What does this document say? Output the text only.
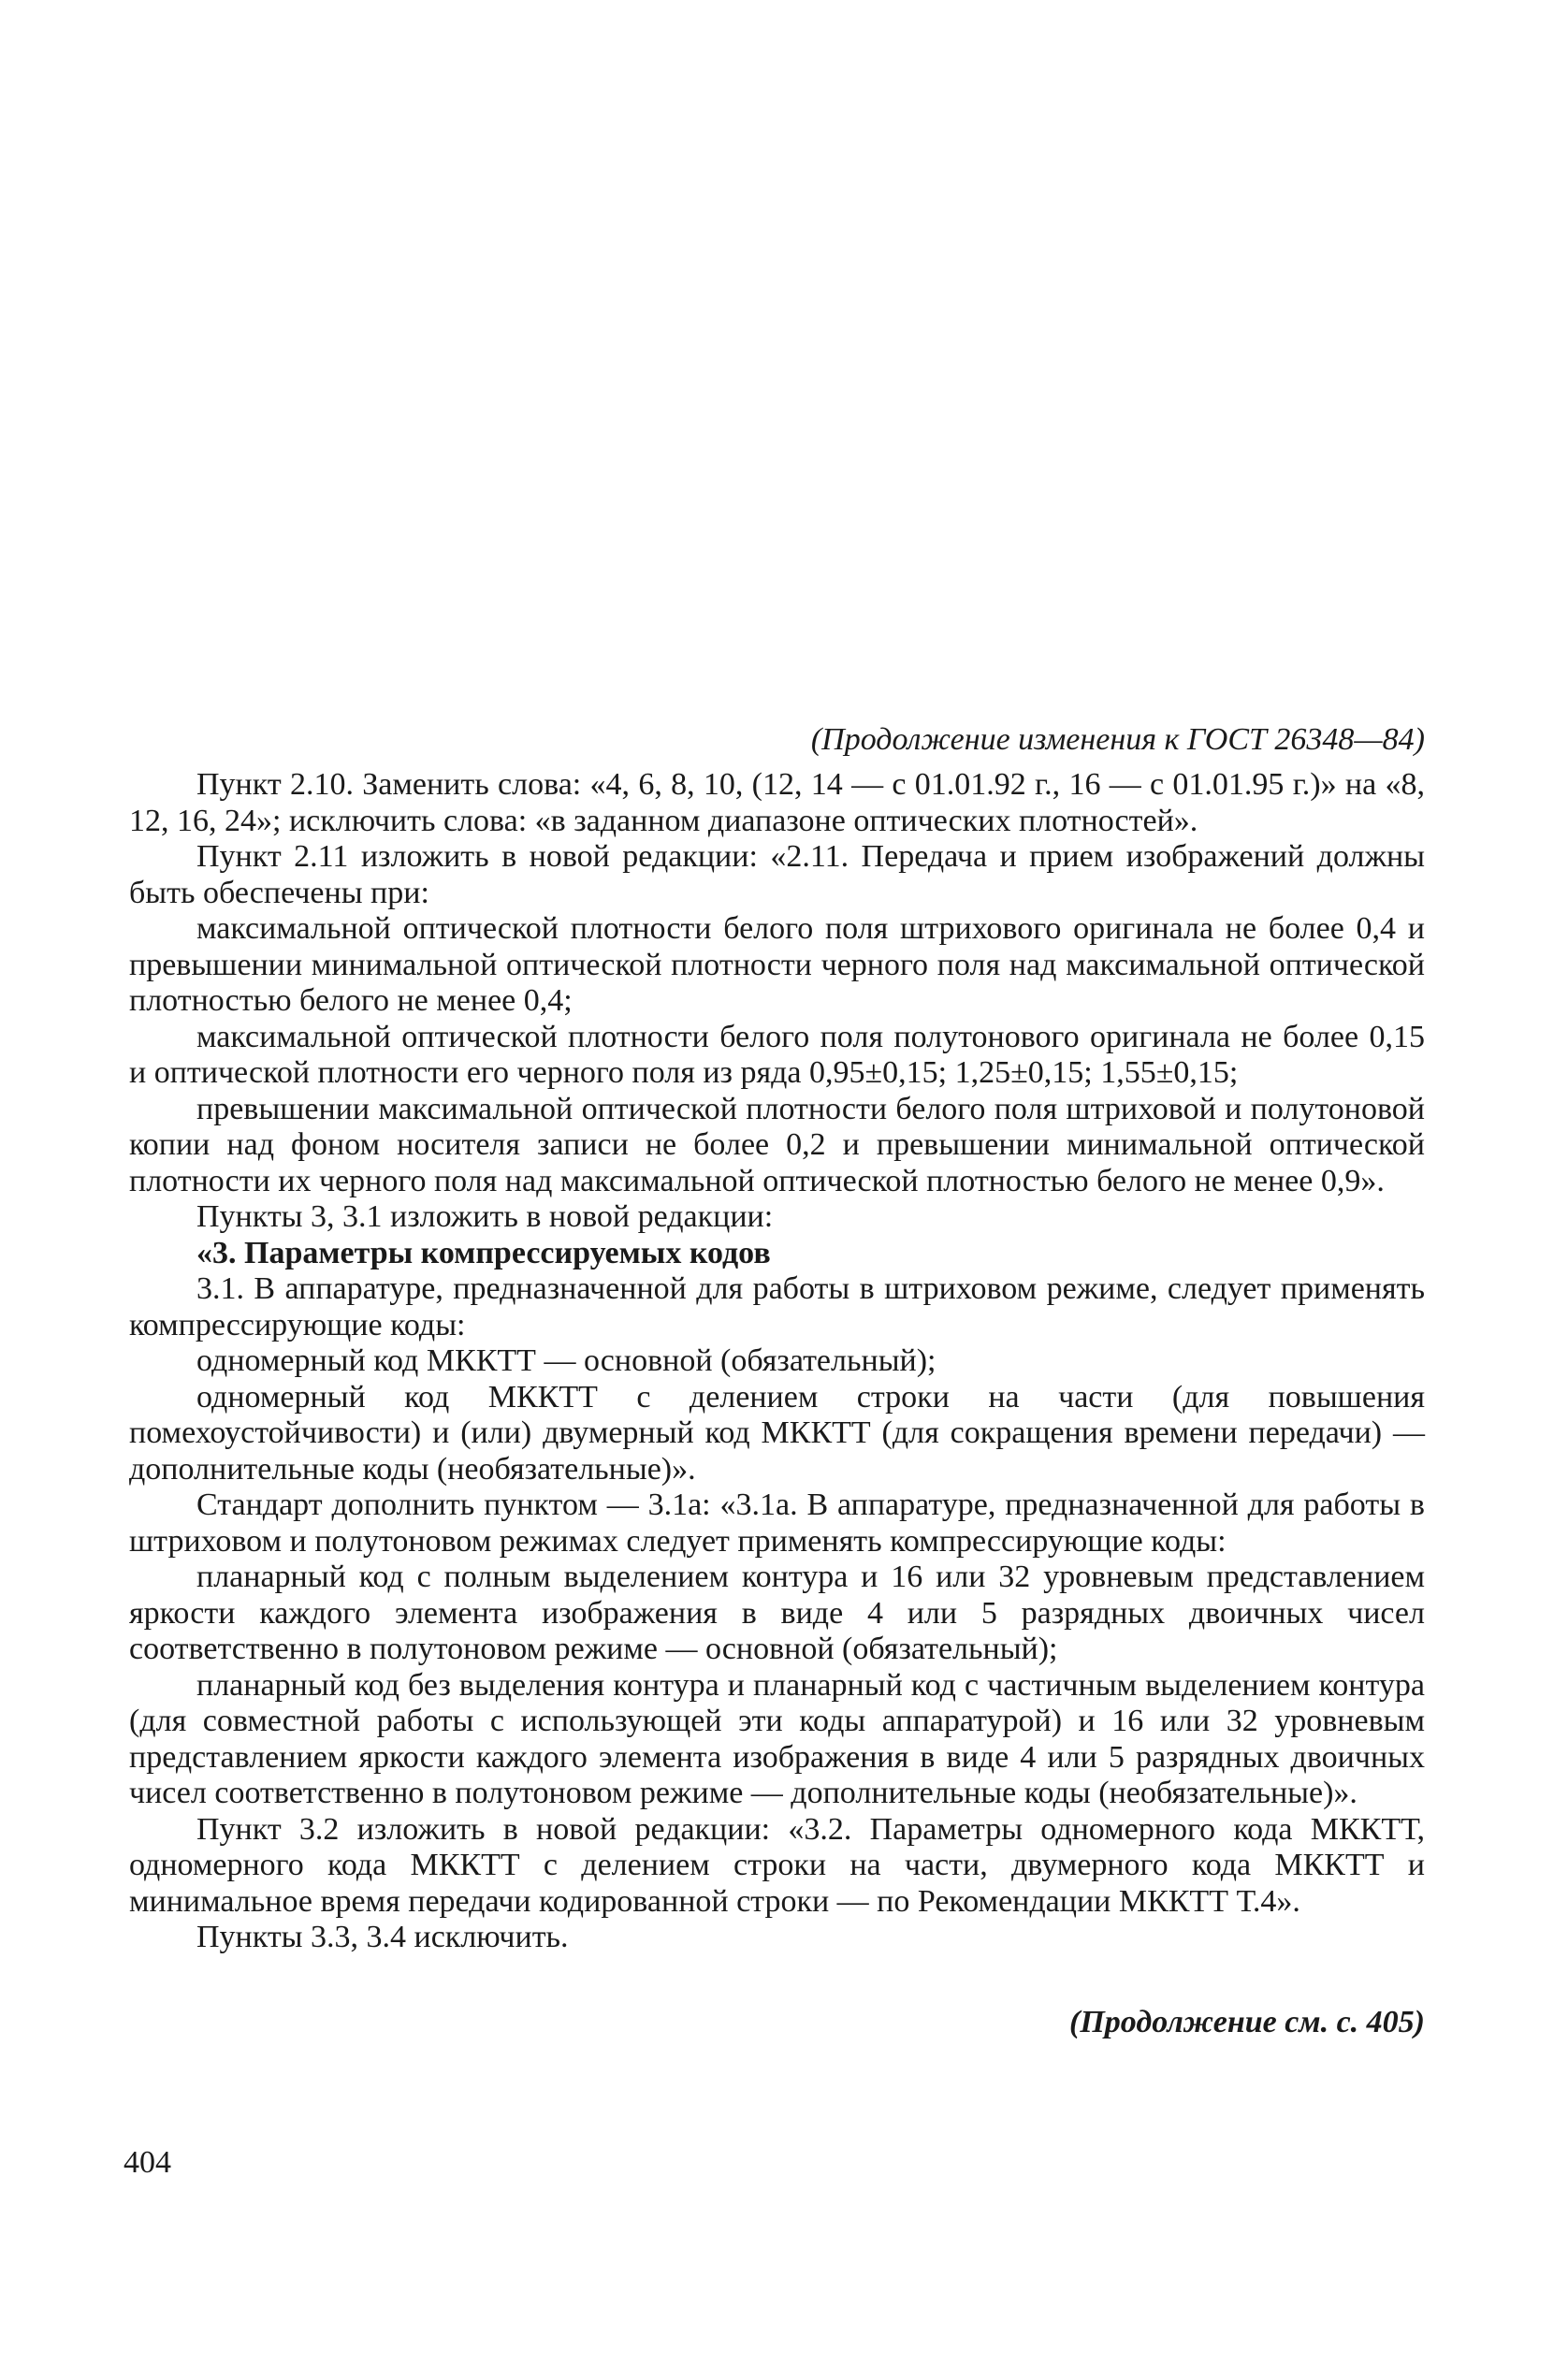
(Продолжение изменения к ГОСТ 26348—84)

Пункт 2.10. Заменить слова: «4, 6, 8, 10, (12, 14 — с 01.01.92 г., 16 — с 01.01.95 г.)» на «8, 12, 16, 24»; исключить слова: «в заданном диапазоне оптических плотностей».

Пункт 2.11 изложить в новой редакции: «2.11. Передача и прием изображений должны быть обеспечены при:

максимальной оптической плотности белого поля штрихового оригинала не более 0,4 и превышении минимальной оптической плотности черного поля над максимальной оптической плотностью белого не менее 0,4;

максимальной оптической плотности белого поля полутонового оригинала не более 0,15 и оптической плотности его черного поля из ряда 0,95±0,15; 1,25±0,15; 1,55±0,15;

превышении максимальной оптической плотности белого поля штриховой и полутоновой копии над фоном носителя записи не более 0,2 и превышении минимальной оптической плотности их черного поля над максимальной оптической плотностью белого не менее 0,9».

Пункты 3, 3.1 изложить в новой редакции:

«3. Параметры компрессируемых кодов

3.1. В аппаратуре, предназначенной для работы в штриховом режиме, следует применять компрессирующие коды:

одномерный код МККТТ — основной (обязательный);

одномерный код МККТТ с делением строки на части (для повышения помехоустойчивости) и (или) двумерный код МККТТ (для сокращения времени передачи) — дополнительные коды (необязательные)».

Стандарт дополнить пунктом — 3.1а: «3.1а. В аппаратуре, предназначенной для работы в штриховом и полутоновом режимах следует применять компрессирующие коды:

планарный код с полным выделением контура и 16 или 32 уровневым представлением яркости каждого элемента изображения в виде 4 или 5 разрядных двоичных чисел соответственно в полутоновом режиме — основной (обязательный);

планарный код без выделения контура и планарный код с частичным выделением контура (для совместной работы с использующей эти коды аппаратурой) и 16 или 32 уровневым представлением яркости каждого элемента изображения в виде 4 или 5 разрядных двоичных чисел соответственно в полутоновом режиме — дополнительные коды (необязательные)».

Пункт 3.2 изложить в новой редакции: «3.2. Параметры одномерного кода МККТТ, одномерного кода МККТТ с делением строки на части, двумерного кода МККТТ и минимальное время передачи кодированной строки — по Рекомендации МККТТ Т.4».

Пункты 3.3, 3.4 исключить.

(Продолжение см. с. 405)

404
